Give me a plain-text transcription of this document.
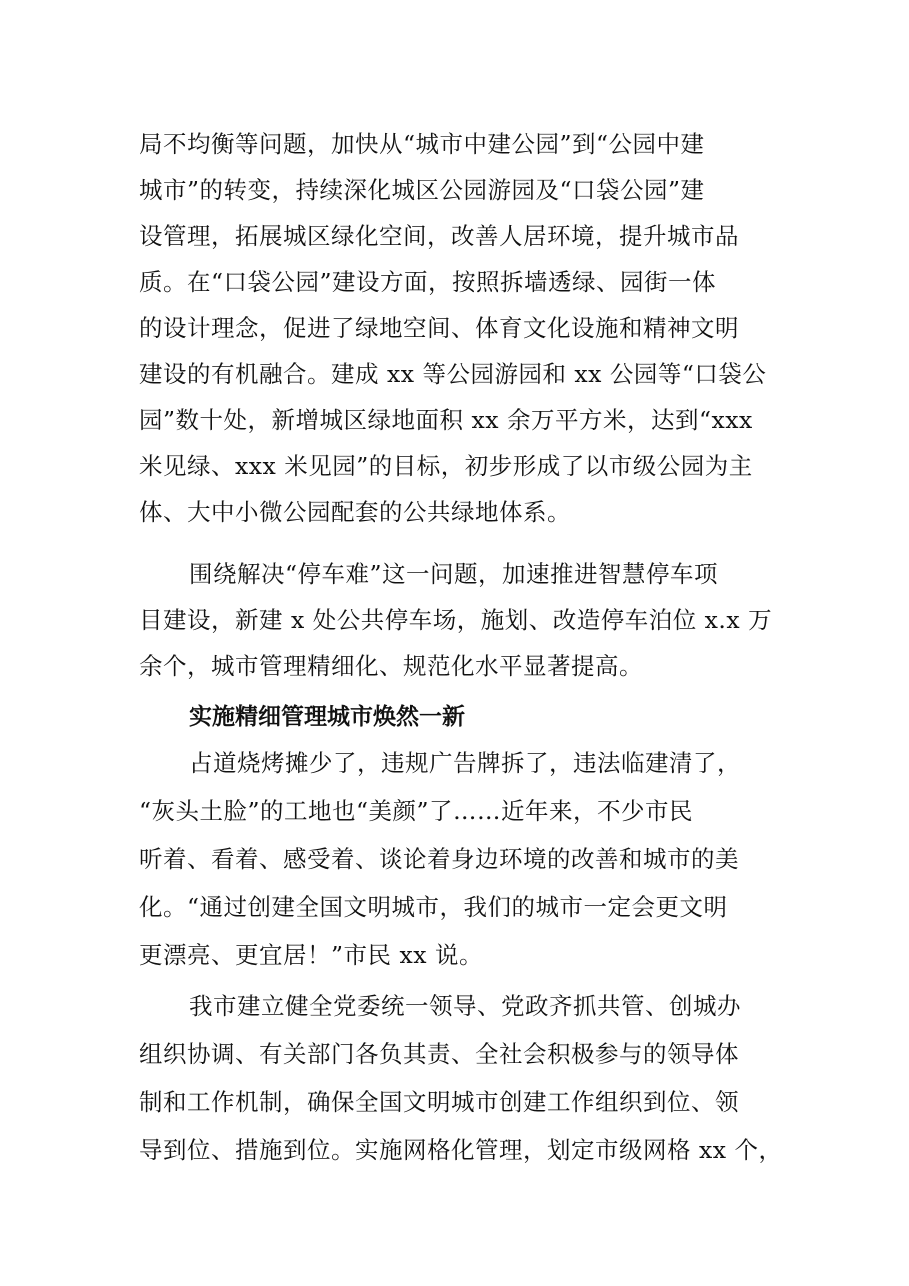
局不均衡等问题，加快从“城市中建公园”到“公园中建
城市”的转变，持续深化城区公园游园及“口袋公园”建
设管理，拓展城区绿化空间，改善人居环境，提升城市品
质。在“口袋公园”建设方面，按照拆墙透绿、园街一体
的设计理念，促进了绿地空间、体育文化设施和精神文明
建设的有机融合。建成 xx 等公园游园和 xx 公园等“口袋公
园”数十处，新增城区绿地面积 xx 余万平方米，达到“xxx
米见绿、xxx 米见园”的目标，初步形成了以市级公园为主
体、大中小微公园配套的公共绿地体系。
围绕解决“停车难”这一问题，加速推进智慧停车项
目建设，新建 x 处公共停车场，施划、改造停车泊位 x.x 万
余个，城市管理精细化、规范化水平显著提高。
实施精细管理城市焕然一新
占道烧烤摊少了，违规广告牌拆了，违法临建清了，
“灰头土脸”的工地也“美颜”了……近年来，不少市民
听着、看着、感受着、谈论着身边环境的改善和城市的美
化。“通过创建全国文明城市，我们的城市一定会更文明
更漂亮、更宜居！”市民 xx 说。
我市建立健全党委统一领导、党政齐抓共管、创城办
组织协调、有关部门各负其责、全社会积极参与的领导体
制和工作机制，确保全国文明城市创建工作组织到位、领
导到位、措施到位。实施网格化管理，划定市级网格 xx 个，
